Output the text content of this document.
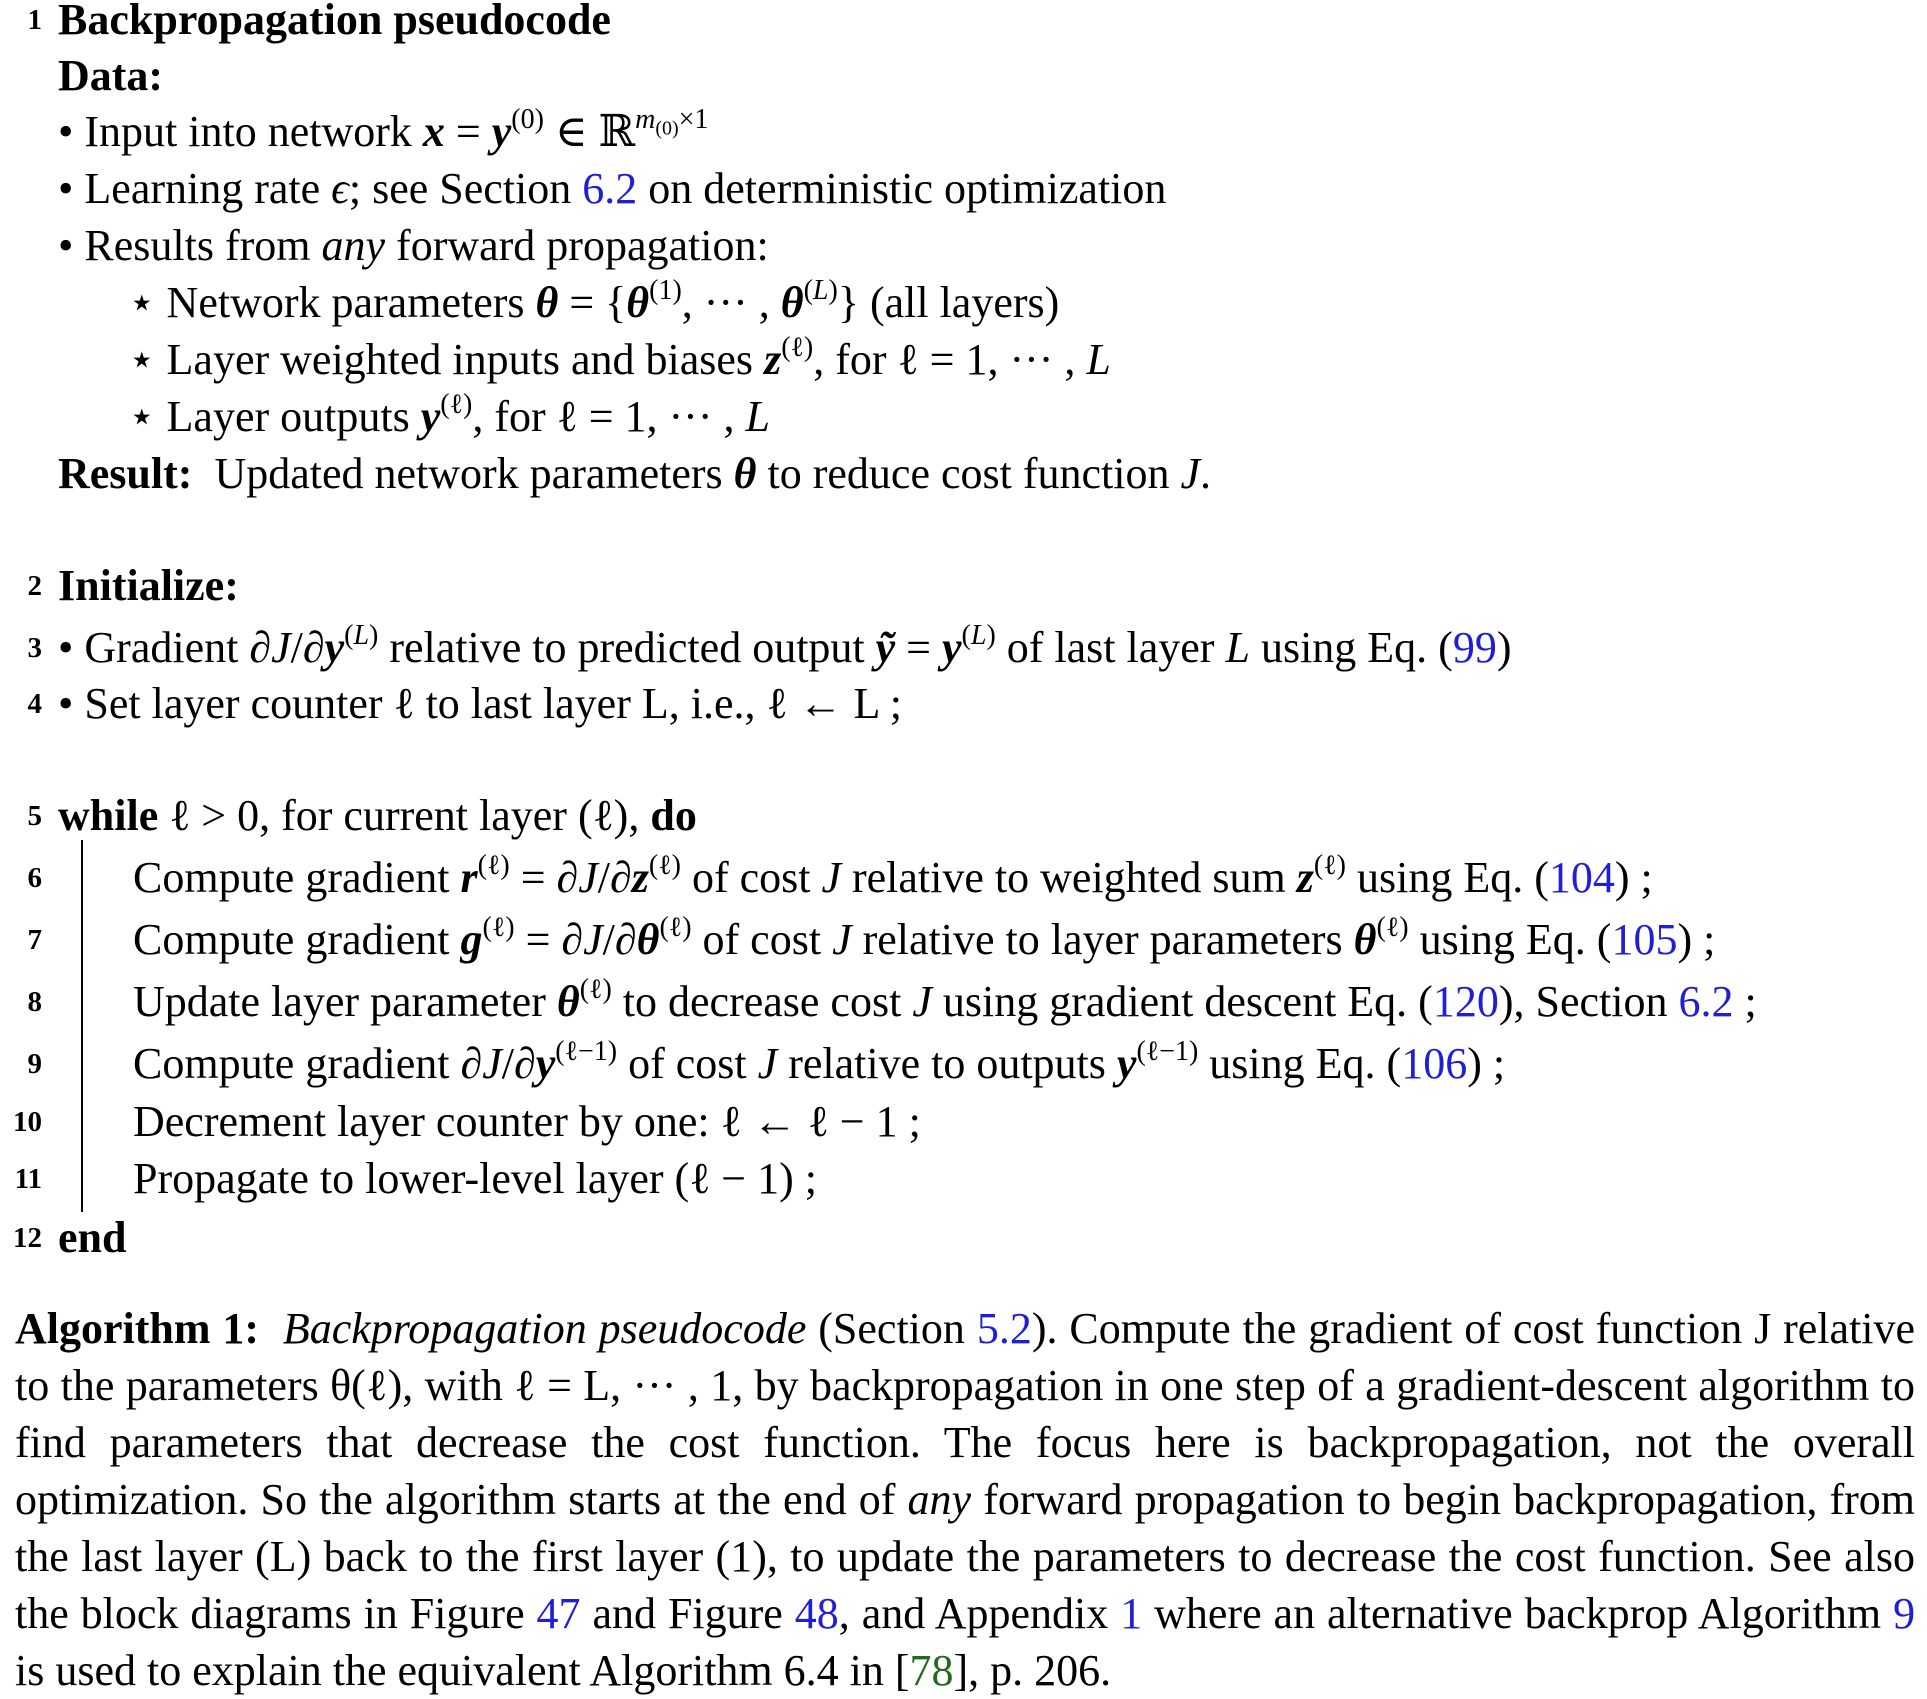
1 Backpropagation pseudocode
Data:
• Input into network $x = y^{(0)}$ ∈ ℝ$^{m_{(0)}\times 1}$
• Learning rate ϵ; see Section 6.2 on deterministic optimization
• Results from any forward propagation:
⋆ Network parameters $\theta = \{\theta^{(1)}$, ··· , $\theta^{(L)}$} (all layers)
⋆ Layer weighted inputs and biases $z^{(\ell)}$, for ℓ = 1, ··· , L
⋆ Layer outputs $y^{(\ell)}$, for ℓ = 1, ··· , L
Result:  Updated network parameters θ to reduce cost function J.
2 Initialize:
3 • Gradient $\partial J/\partial y^{(L)}$ relative to predicted output ỹ = $y^{(L)}$ of last layer L using Eq. (99)
4 • Set layer counter ℓ to last layer L, i.e., ℓ ← L ;
5 while ℓ > 0, for current layer (ℓ), do
6 Compute gradient $r^{(\ell)} = \partial J/\partial z^{(\ell)}$ of cost J relative to weighted sum $z^{(\ell)}$ using Eq. (104) ;
7 Compute gradient $g^{(\ell)} = \partial J/\partial\theta^{(\ell)}$ of cost J relative to layer parameters $\theta^{(\ell)}$ using Eq. (105) ;
8 Update layer parameter $\theta^{(\ell)}$ to decrease cost J using gradient descent Eq. (120), Section 6.2 ;
9 Compute gradient $\partial J/\partial y^{(\ell-1)}$ of cost J relative to outputs $y^{(\ell-1)}$ using Eq. (106) ;
10 Decrement layer counter by one: ℓ ← ℓ − 1 ;
11 Propagate to lower-level layer (ℓ − 1) ;
12 end
Algorithm 1: Backpropagation pseudocode (Section 5.2). Compute the gradient of cost function J relative to the parameters θ(ℓ), with ℓ = L, ··· , 1, by backpropagation in one step of a gradient-descent algorithm to find parameters that decrease the cost function. The focus here is backpropagation, not the overall optimization. So the algorithm starts at the end of any forward propagation to begin backpropagation, from the last layer (L) back to the first layer (1), to update the parameters to decrease the cost function. See also the block diagrams in Figure 47 and Figure 48, and Appendix 1 where an alternative backprop Algorithm 9 is used to explain the equivalent Algorithm 6.4 in [78], p. 206.
